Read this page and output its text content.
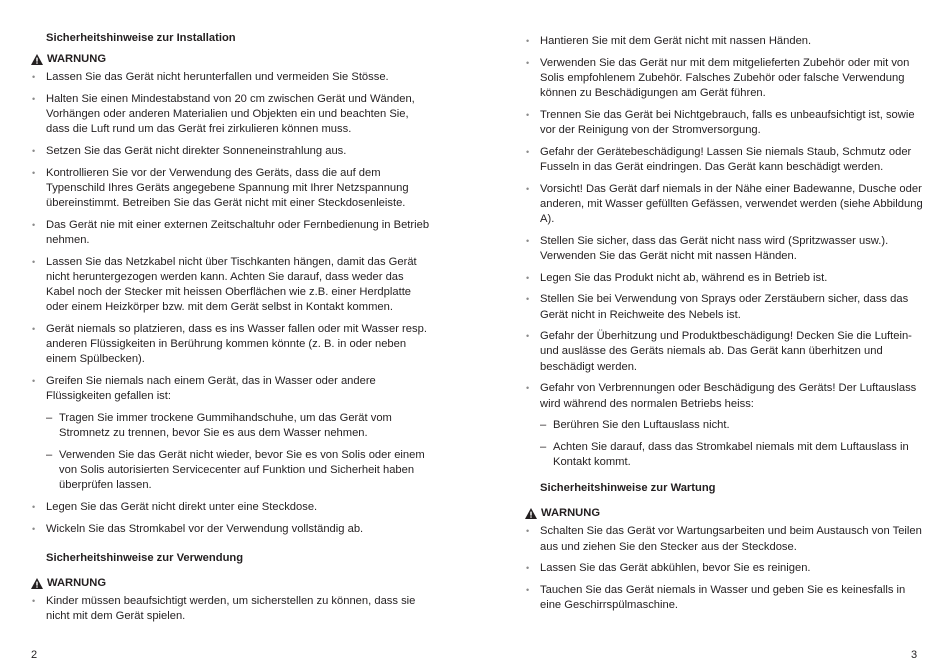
Sicherheitshinweise zur Installation

WARNUNG

• Lassen Sie das Gerät nicht herunterfallen und vermeiden Sie Stösse.
• Halten Sie einen Mindestabstand von 20 cm zwischen Gerät und Wänden, Vorhängen oder anderen Materialien und Objekten ein und beachten Sie, dass die Luft rund um das Gerät frei zirkulieren können muss.
• Setzen Sie das Gerät nicht direkter Sonneneinstrahlung aus.
• Kontrollieren Sie vor der Verwendung des Geräts, dass die auf dem Typenschild Ihres Geräts angegebene Spannung mit Ihrer Netzspannung übereinstimmt. Betreiben Sie das Gerät nicht mit einer Steckdosenleiste.
• Das Gerät nie mit einer externen Zeitschaltuhr oder Fernbedienung in Betrieb nehmen.
• Lassen Sie das Netzkabel nicht über Tischkanten hängen, damit das Gerät nicht heruntergezogen werden kann. Achten Sie darauf, dass weder das Kabel noch der Stecker mit heissen Oberflächen wie z.B. einer Herdplatte oder einem Heizkörper bzw. mit dem Gerät selbst in Kontakt kommen.
• Gerät niemals so platzieren, dass es ins Wasser fallen oder mit Wasser resp. anderen Flüssigkeiten in Berührung kommen könnte (z. B. in oder neben einem Spülbecken).
• Greifen Sie niemals nach einem Gerät, das in Wasser oder andere Flüssigkeiten gefallen ist:
– Tragen Sie immer trockene Gummihandschuhe, um das Gerät vom Stromnetz zu trennen, bevor Sie es aus dem Wasser nehmen.
– Verwenden Sie das Gerät nicht wieder, bevor Sie es von Solis oder einem von Solis autorisierten Servicecenter auf Funktion und Sicherheit haben überprüfen lassen.
• Legen Sie das Gerät nicht direkt unter eine Steckdose.
• Wickeln Sie das Stromkabel vor der Verwendung vollständig ab.

Sicherheitshinweise zur Verwendung

WARNUNG

• Kinder müssen beaufsichtigt werden, um sicherstellen zu können, dass sie nicht mit dem Gerät spielen.
• Hantieren Sie mit dem Gerät nicht mit nassen Händen.
• Verwenden Sie das Gerät nur mit dem mitgelieferten Zubehör oder mit von Solis empfohlenem Zubehör. Falsches Zubehör oder falsche Verwendung können zu Beschädigungen am Gerät führen.
• Trennen Sie das Gerät bei Nichtgebrauch, falls es unbeaufsichtigt ist, sowie vor der Reinigung von der Stromversorgung.
• Gefahr der Gerätebeschädigung! Lassen Sie niemals Staub, Schmutz oder Fusseln in das Gerät eindringen. Das Gerät kann beschädigt werden.
• Vorsicht! Das Gerät darf niemals in der Nähe einer Badewanne, Dusche oder anderen, mit Wasser gefüllten Gefässen, verwendet werden (siehe Abbildung A).
• Stellen Sie sicher, dass das Gerät nicht nass wird (Spritzwasser usw.). Verwenden Sie das Gerät nicht mit nassen Händen.
• Legen Sie das Produkt nicht ab, während es in Betrieb ist.
• Stellen Sie bei Verwendung von Sprays oder Zerstäubern sicher, dass das Gerät nicht in Reichweite des Nebels ist.
• Gefahr der Überhitzung und Produktbeschädigung! Decken Sie die Luftein- und auslässe des Geräts niemals ab. Das Gerät kann überhitzen und beschädigt werden.
• Gefahr von Verbrennungen oder Beschädigung des Geräts! Der Luftauslass wird während des normalen Betriebs heiss:
– Berühren Sie den Luftauslass nicht.
– Achten Sie darauf, dass das Stromkabel niemals mit dem Luftauslass in Kontakt kommt.

Sicherheitshinweise zur Wartung

WARNUNG

• Schalten Sie das Gerät vor Wartungsarbeiten und beim Austausch von Teilen aus und ziehen Sie den Stecker aus der Steckdose.
• Lassen Sie das Gerät abkühlen, bevor Sie es reinigen.
• Tauchen Sie das Gerät niemals in Wasser und geben Sie es keinesfalls in eine Geschirrspülmaschine.
2	3
